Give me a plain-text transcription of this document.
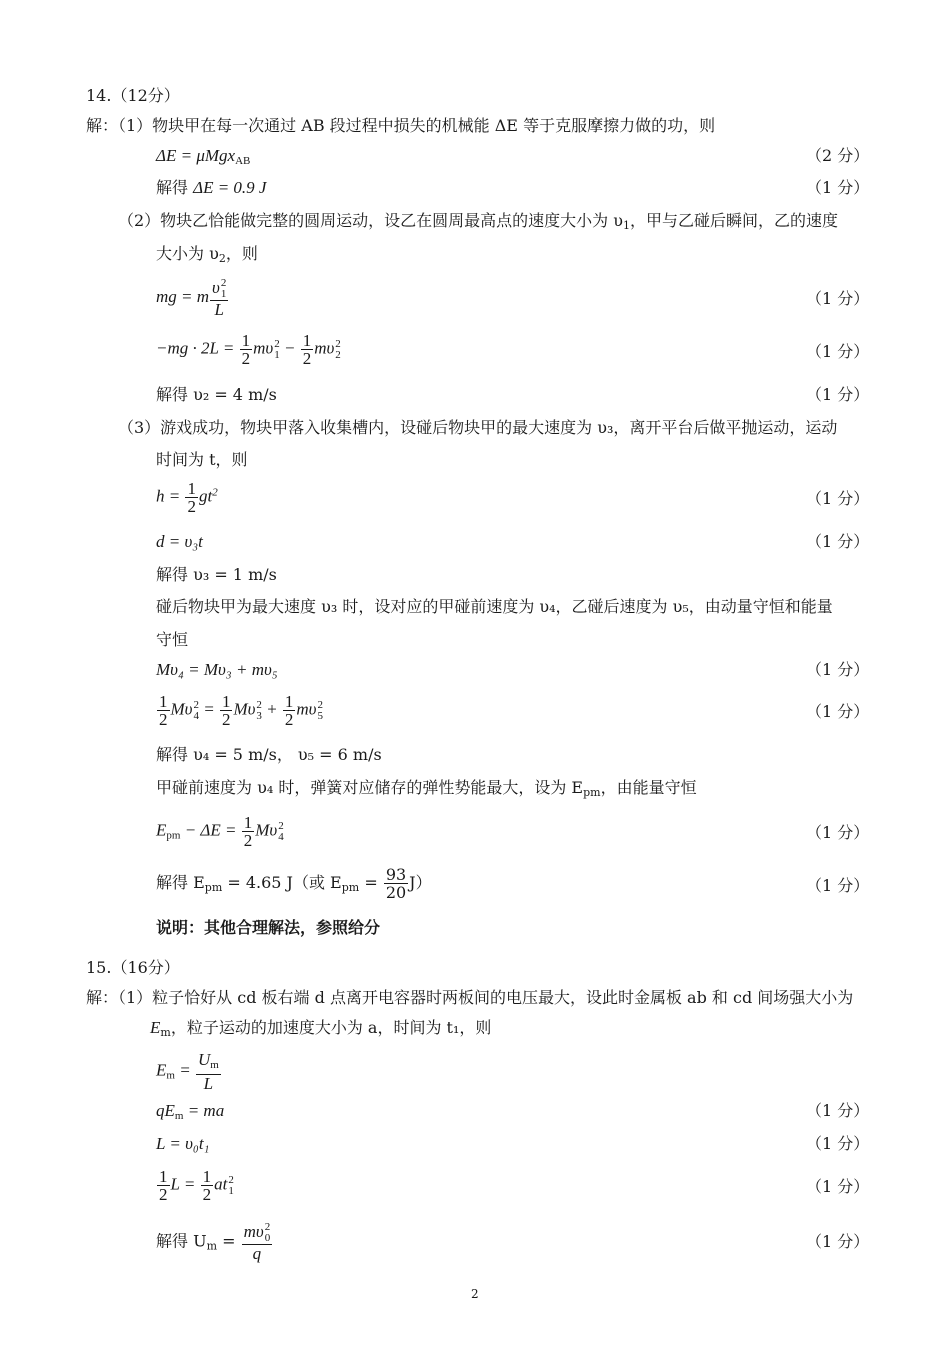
14.（12分）
解：（1）物块甲在每一次通过 AB 段过程中损失的机械能 ΔE 等于克服摩擦力做的功，则
ΔE = μMgx$_{AB}$	（2 分）
解得 ΔE = 0.9 J	（1 分）
（2）物块乙恰能做完整的圆周运动，设乙在圆周最高点的速度大小为 $\upsilon_1$，甲与乙碰后瞬间，乙的速度
大小为 $\upsilon_2$，则
mg = m υ 2
1
L	（1 分）
$-mg \cdot 2L = \frac{1}{2}$ mυ 2
$1 - \frac{1}{2}$ mυ 2
2	（1 分）
解得 υ₂ = 4 m/s	（1 分）
（3）游戏成功，物块甲落入收集槽内，设碰后物块甲的最大速度为 υ₃，离开平台后做平抛运动，运动
时间为 t，则
$h = \frac{1}{2} gt^2$	（1 分）
d = υ₃t	（1 分）
解得 υ₃ = 1 m/s
碰后物块甲为最大速度 υ₃ 时，设对应的甲碰前速度为 υ₄，乙碰后速度为 υ₅，由动量守恒和能量
守恒
Mυ₄ = Mυ₃ + mυ₅	（1 分）
$\frac{1}{2}$ Mυ 2
$4 = \frac{1}{2}$ Mυ 2
$3 + \frac{1}{2}$ mυ 2
5	（1 分）
解得 υ₄ = 5 m/s， υ₅ = 6 m/s
甲碰前速度为 υ₄ 时，弹簧对应储存的弹性势能最大，设为 $E_{pm}$，由能量守恒
$E_{pm} - \Delta E = \frac{1}{2}$ Mυ 2
4	（1 分）
解得 $E_{pm} = 4.65$ J（或 $E_{pm} = \frac{93}{20} J$）	（1 分）
说明：其他合理解法，参照给分
15.（16分）
解：（1）粒子恰好从 cd 板右端 d 点离开电容器时两板间的电压最大，设此时金属板 ab 和 cd 间场强大小为
$E_m$，粒子运动的加速度大小为 a，时间为 t₁，则
$E_m = \frac{U_m}{L}$
$qE_m$ = ma	（1 分）
L = υ₀t₁	（1 分）
$\frac{1}{2}$ $L = \frac{1}{2}$ at 2
1	（1 分）
解得 $U_m = m\upsilon$ 2
0
q	（1 分）
2
